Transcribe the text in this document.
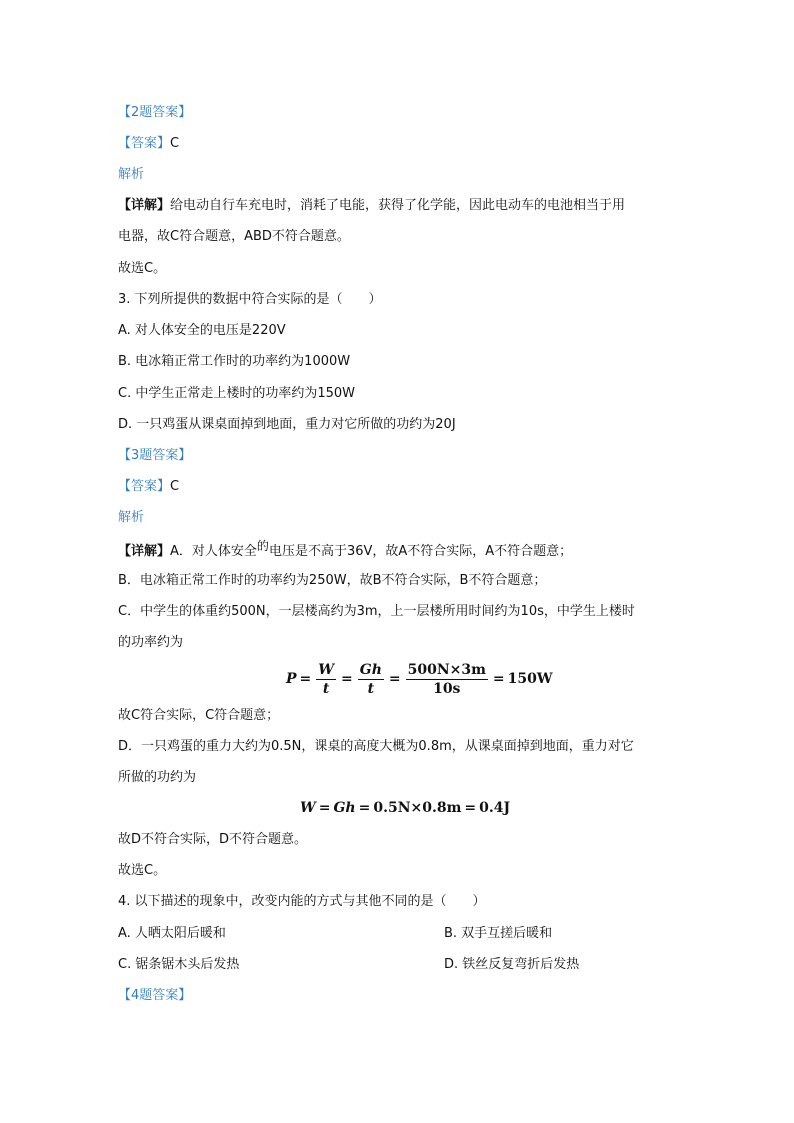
【2题答案】
【答案】C
解析
【详解】给电动自行车充电时，消耗了电能，获得了化学能，因此电动车的电池相当于用
电器，故C符合题意，ABD不符合题意。
故选C。
3. 下列所提供的数据中符合实际的是（　　）
A. 对人体安全的电压是220V
B. 电冰箱正常工作时的功率约为1000W
C. 中学生正常走上楼时的功率约为150W
D. 一只鸡蛋从课桌面掉到地面，重力对它所做的功约为20J
【3题答案】
【答案】C
解析
【详解】A．对人体安全的电压是不高于36V，故A不符合实际，A不符合题意；
B．电冰箱正常工作时的功率约为250W，故B不符合实际，B不符合题意；
C．中学生的体重约500N，一层楼高约为3m，上一层楼所用时间约为10s，中学生上楼时
的功率约为
$P = \frac{W}{t} = \frac{Gh}{t} = \frac{500N\times 3m}{10s} = 150W$
故C符合实际，C符合题意；
D．一只鸡蛋的重力大约为0.5N，课桌的高度大概为0.8m，从课桌面掉到地面，重力对它
所做的功约为
W = Gh = 0.5N×0.8m = 0.4J
故D不符合实际，D不符合题意。
故选C。
4. 以下描述的现象中，改变内能的方式与其他不同的是（　　）
A. 人晒太阳后暖和	B. 双手互搓后暖和
C. 锯条锯木头后发热	D. 铁丝反复弯折后发热
【4题答案】
